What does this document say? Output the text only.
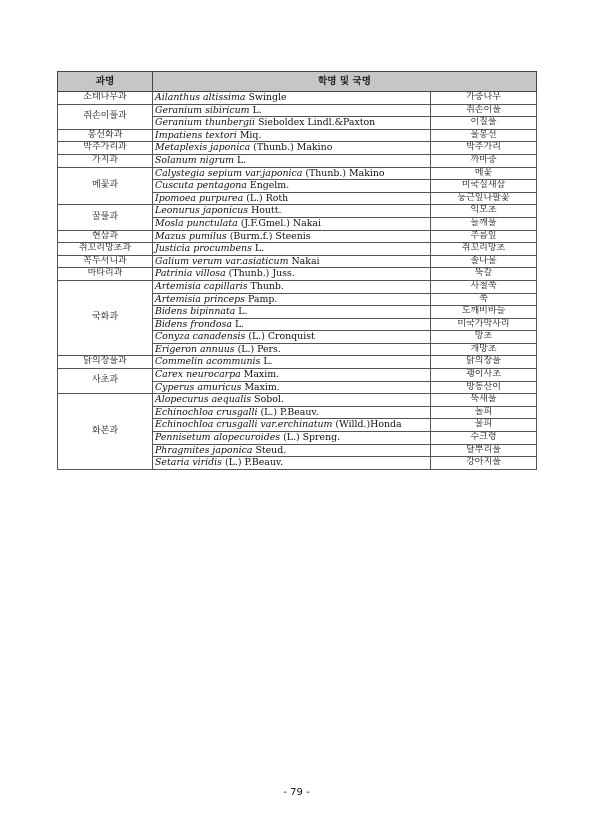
과명	학명 및 국명	
소태나무과	Ailanthus altissima Swingle	가중나무
쥐손이풀과	Geranium sibiricum L.	쥐손이풀
	Geranium thunbergii Sieboldex Lindl.&Paxton	이질풀
봉선화과	Impatiens textori Miq.	물봉선
박주가리과	Metaplexis japonica (Thunb.) Makino	박주가리
가지과	Solanum nigrum L.	까마중
메꽃과	Calystegia sepium var.japonica (Thunb.) Makino	메꽃
	Cuscuta pentagona Engelm.	미국실새삼
	Ipomoea purpurea (L.) Roth	둥근잎나팔꽃
꿀풀과	Leonurus japonicus Houtt.	익모초
	Mosla punctulata (J.F.Gmel.) Nakai	들깨풀
현삼과	Mazus pumilus (Burm.f.) Steenis	주름잎
쥐꼬리망초과	Justicia procumbens L.	쥐꼬리망초
꼭두서니과	Galium verum var.asiaticum Nakai	솔나물
마타리과	Patrinia villosa (Thunb.) Juss.	뚝갈
국화과	Artemisia capillaris Thunb.	사철쑥
	Artemisia princeps Pamp.	쑥
	Bidens bipinnata L.	도깨비바늘
	Bidens frondosa L.	미국가막사리
	Conyza canadensis (L.) Cronquist	망초
	Erigeron annuus (L.) Pers.	개망초
닭의장풀과	Commelin acommunis L.	닭의장풀
사초과	Carex neurocarpa Maxim.	괭이사초
	Cyperus amuricus Maxim.	방동산이
화본과	Alopecurus aequalis Sobol.	뚝새풀
	Echinochloa crusgalli (L.) P.Beauv.	돌피
	Echinochloa crusgalli var.erchinatum (Willd.)Honda	물피
	Pennisetum alopecuroides (L.) Spreng.	수크령
	Phragmites japonica Steud.	달뿌리풀
	Setaria viridis (L.) P.Beauv.	강아지풀
- 79 -
